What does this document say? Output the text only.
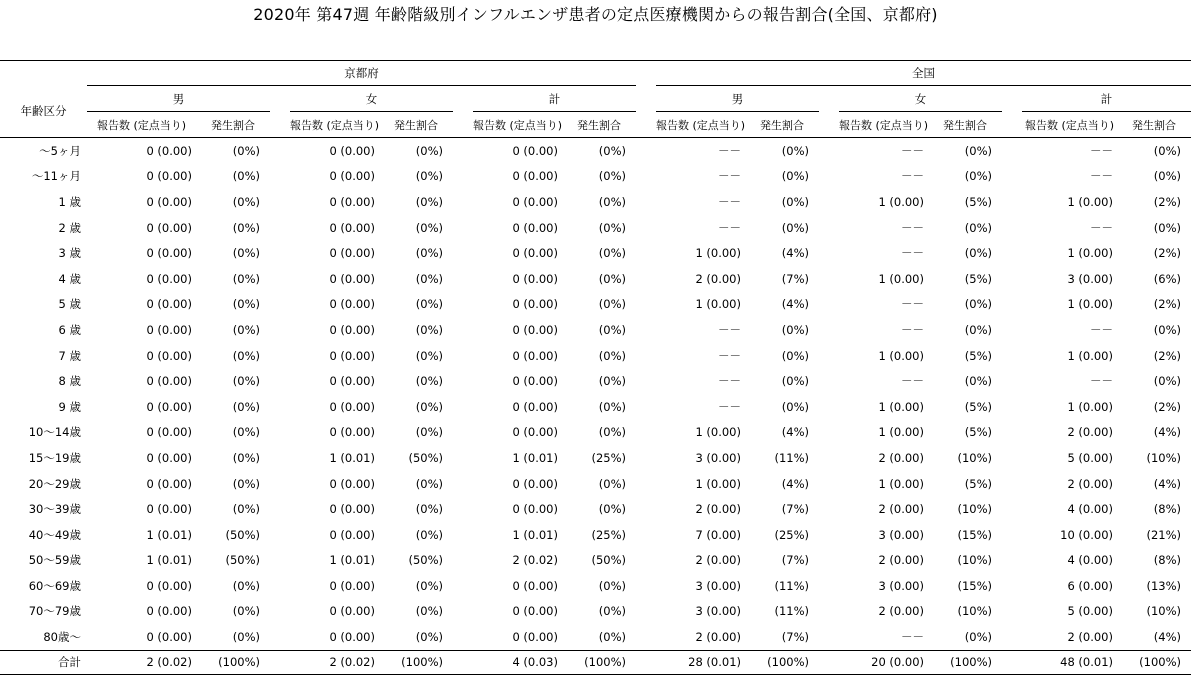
2020年 第47週 年齢階級別インフルエンザ患者の定点医療機関からの報告割合(全国、京都府)
	京都府									全国							
年齢区分	男			女			計			男			女			計	
	報告数 (定点当り)	発生割合		報告数 (定点当り)	発生割合		報告数 (定点当り)	発生割合		報告数 (定点当り)	発生割合		報告数 (定点当り)	発生割合		報告数 (定点当り)	発生割合
～5ヶ月	0 (0.00)	(0%)		0 (0.00)	(0%)		0 (0.00)	(0%)		－－	(0%)		－－	(0%)		－－	(0%)
～11ヶ月	0 (0.00)	(0%)		0 (0.00)	(0%)		0 (0.00)	(0%)		－－	(0%)		－－	(0%)		－－	(0%)
1 歳	0 (0.00)	(0%)		0 (0.00)	(0%)		0 (0.00)	(0%)		－－	(0%)		1 (0.00)	(5%)		1 (0.00)	(2%)
2 歳	0 (0.00)	(0%)		0 (0.00)	(0%)		0 (0.00)	(0%)		－－	(0%)		－－	(0%)		－－	(0%)
3 歳	0 (0.00)	(0%)		0 (0.00)	(0%)		0 (0.00)	(0%)		1 (0.00)	(4%)		－－	(0%)		1 (0.00)	(2%)
4 歳	0 (0.00)	(0%)		0 (0.00)	(0%)		0 (0.00)	(0%)		2 (0.00)	(7%)		1 (0.00)	(5%)		3 (0.00)	(6%)
5 歳	0 (0.00)	(0%)		0 (0.00)	(0%)		0 (0.00)	(0%)		1 (0.00)	(4%)		－－	(0%)		1 (0.00)	(2%)
6 歳	0 (0.00)	(0%)		0 (0.00)	(0%)		0 (0.00)	(0%)		－－	(0%)		－－	(0%)		－－	(0%)
7 歳	0 (0.00)	(0%)		0 (0.00)	(0%)		0 (0.00)	(0%)		－－	(0%)		1 (0.00)	(5%)		1 (0.00)	(2%)
8 歳	0 (0.00)	(0%)		0 (0.00)	(0%)		0 (0.00)	(0%)		－－	(0%)		－－	(0%)		－－	(0%)
9 歳	0 (0.00)	(0%)		0 (0.00)	(0%)		0 (0.00)	(0%)		－－	(0%)		1 (0.00)	(5%)		1 (0.00)	(2%)
10～14歳	0 (0.00)	(0%)		0 (0.00)	(0%)		0 (0.00)	(0%)		1 (0.00)	(4%)		1 (0.00)	(5%)		2 (0.00)	(4%)
15～19歳	0 (0.00)	(0%)		1 (0.01)	(50%)		1 (0.01)	(25%)		3 (0.00)	(11%)		2 (0.00)	(10%)		5 (0.00)	(10%)
20～29歳	0 (0.00)	(0%)		0 (0.00)	(0%)		0 (0.00)	(0%)		1 (0.00)	(4%)		1 (0.00)	(5%)		2 (0.00)	(4%)
30～39歳	0 (0.00)	(0%)		0 (0.00)	(0%)		0 (0.00)	(0%)		2 (0.00)	(7%)		2 (0.00)	(10%)		4 (0.00)	(8%)
40～49歳	1 (0.01)	(50%)		0 (0.00)	(0%)		1 (0.01)	(25%)		7 (0.00)	(25%)		3 (0.00)	(15%)		10 (0.00)	(21%)
50～59歳	1 (0.01)	(50%)		1 (0.01)	(50%)		2 (0.02)	(50%)		2 (0.00)	(7%)		2 (0.00)	(10%)		4 (0.00)	(8%)
60～69歳	0 (0.00)	(0%)		0 (0.00)	(0%)		0 (0.00)	(0%)		3 (0.00)	(11%)		3 (0.00)	(15%)		6 (0.00)	(13%)
70～79歳	0 (0.00)	(0%)		0 (0.00)	(0%)		0 (0.00)	(0%)		3 (0.00)	(11%)		2 (0.00)	(10%)		5 (0.00)	(10%)
80歳～	0 (0.00)	(0%)		0 (0.00)	(0%)		0 (0.00)	(0%)		2 (0.00)	(7%)		－－	(0%)		2 (0.00)	(4%)
合計	2 (0.02)	(100%)		2 (0.02)	(100%)		4 (0.03)	(100%)		28 (0.01)	(100%)		20 (0.00)	(100%)		48 (0.01)	(100%)
